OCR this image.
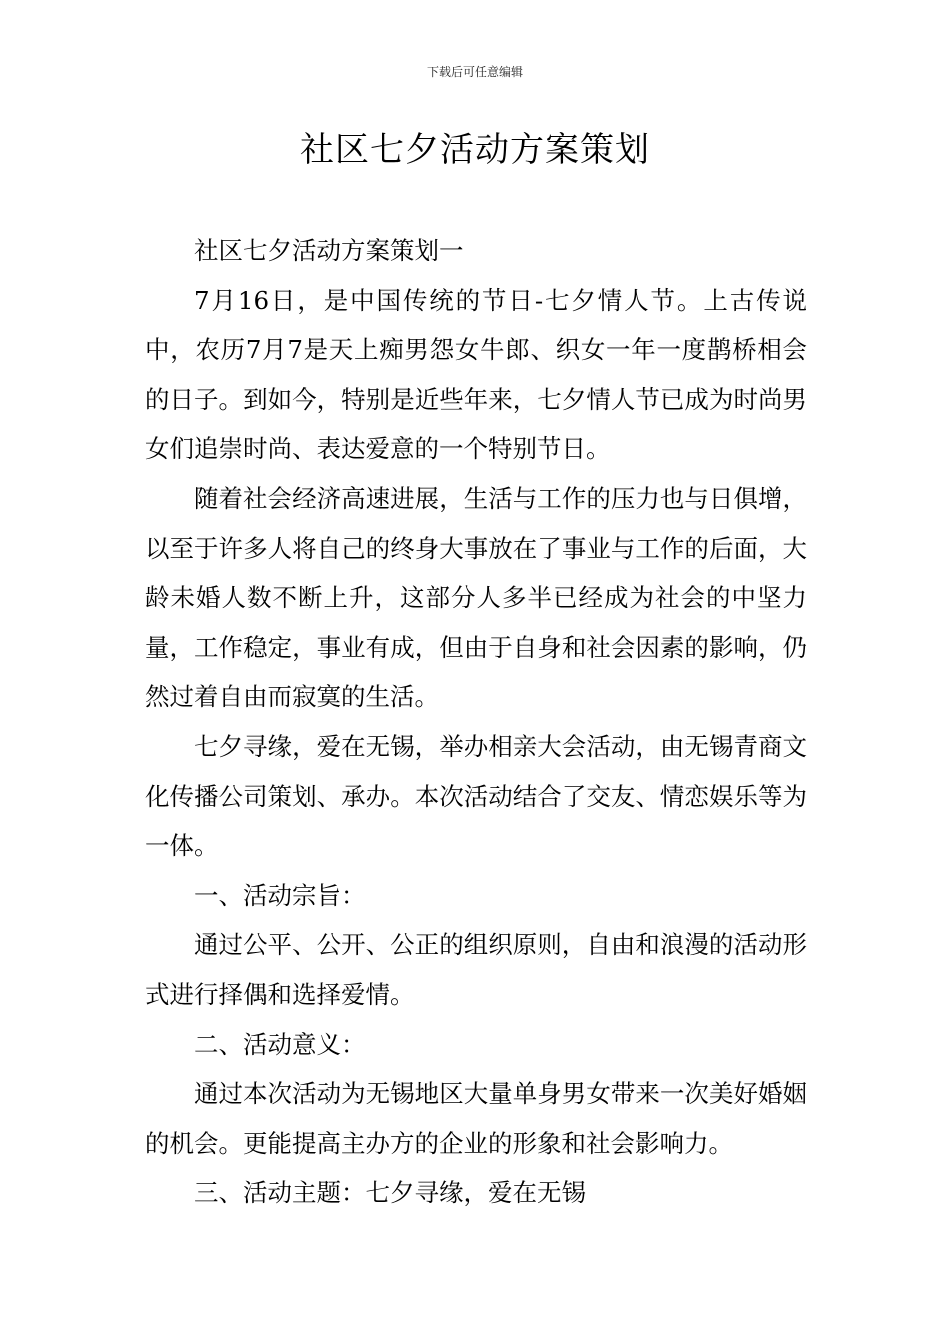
下载后可任意编辑
社区七夕活动方案策划

社区七夕活动方案策划一

7月16日，是中国传统的节日-七夕情人节。上古传说中，农历7月7是天上痴男怨女牛郎、织女一年一度鹊桥相会的日子。到如今，特别是近些年来，七夕情人节已成为时尚男女们追崇时尚、表达爱意的一个特别节日。

随着社会经济高速进展，生活与工作的压力也与日俱增，以至于许多人将自己的终身大事放在了事业与工作的后面，大龄未婚人数不断上升，这部分人多半已经成为社会的中坚力量，工作稳定，事业有成，但由于自身和社会因素的影响，仍然过着自由而寂寞的生活。

七夕寻缘，爱在无锡，举办相亲大会活动，由无锡青商文化传播公司策划、承办。本次活动结合了交友、情恋娱乐等为一体。

一、活动宗旨：

通过公平、公开、公正的组织原则，自由和浪漫的活动形式进行择偶和选择爱情。

二、活动意义：

通过本次活动为无锡地区大量单身男女带来一次美好婚姻的机会。更能提高主办方的企业的形象和社会影响力。

三、活动主题：七夕寻缘，爱在无锡
